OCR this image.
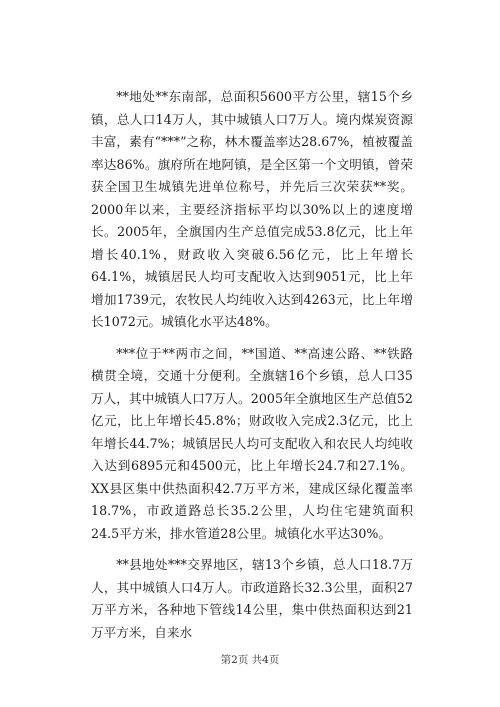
**地处**东南部，总面积5600平方公里，辖15个乡镇，总人口14万人，其中城镇人口7万人。境内煤炭资源丰富，素有“***”之称，林木覆盖率达28.67%，植被覆盖率达86%。旗府所在地阿镇，是全区第一个文明镇，曾荣获全国卫生城镇先进单位称号，并先后三次荣获**奖。2000年以来，主要经济指标平均以30%以上的速度增长。2005年，全旗国内生产总值完成53.8亿元，比上年增长40.1%，财政收入突破6.56亿元，比上年增长64.1%，城镇居民人均可支配收入达到9051元，比上年增加1739元，农牧民人均纯收入达到4263元，比上年增长1072元。城镇化水平达48%。

***位于**两市之间，**国道、**高速公路、**铁路横贯全境，交通十分便利。全旗辖16个乡镇，总人口35万人，其中城镇人口7万人。2005年全旗地区生产总值52亿元，比上年增长45.8%；财政收入完成2.3亿元，比上年增长44.7%；城镇居民人均可支配收入和农民人均纯收入达到6895元和4500元，比上年增长24.7和27.1%。XX县区集中供热面积42.7万平方米，建成区绿化覆盖率18.7%，市政道路总长35.2公里，人均住宅建筑面积24.5平方米，排水管道28公里。城镇化水平达30%。

**县地处***交界地区，辖13个乡镇，总人口18.7万人，其中城镇人口4万人。市政道路长32.3公里，面积27万平方米，各种地下管线14公里，集中供热面积达到21万平方米，自来水

第2页 共4页
